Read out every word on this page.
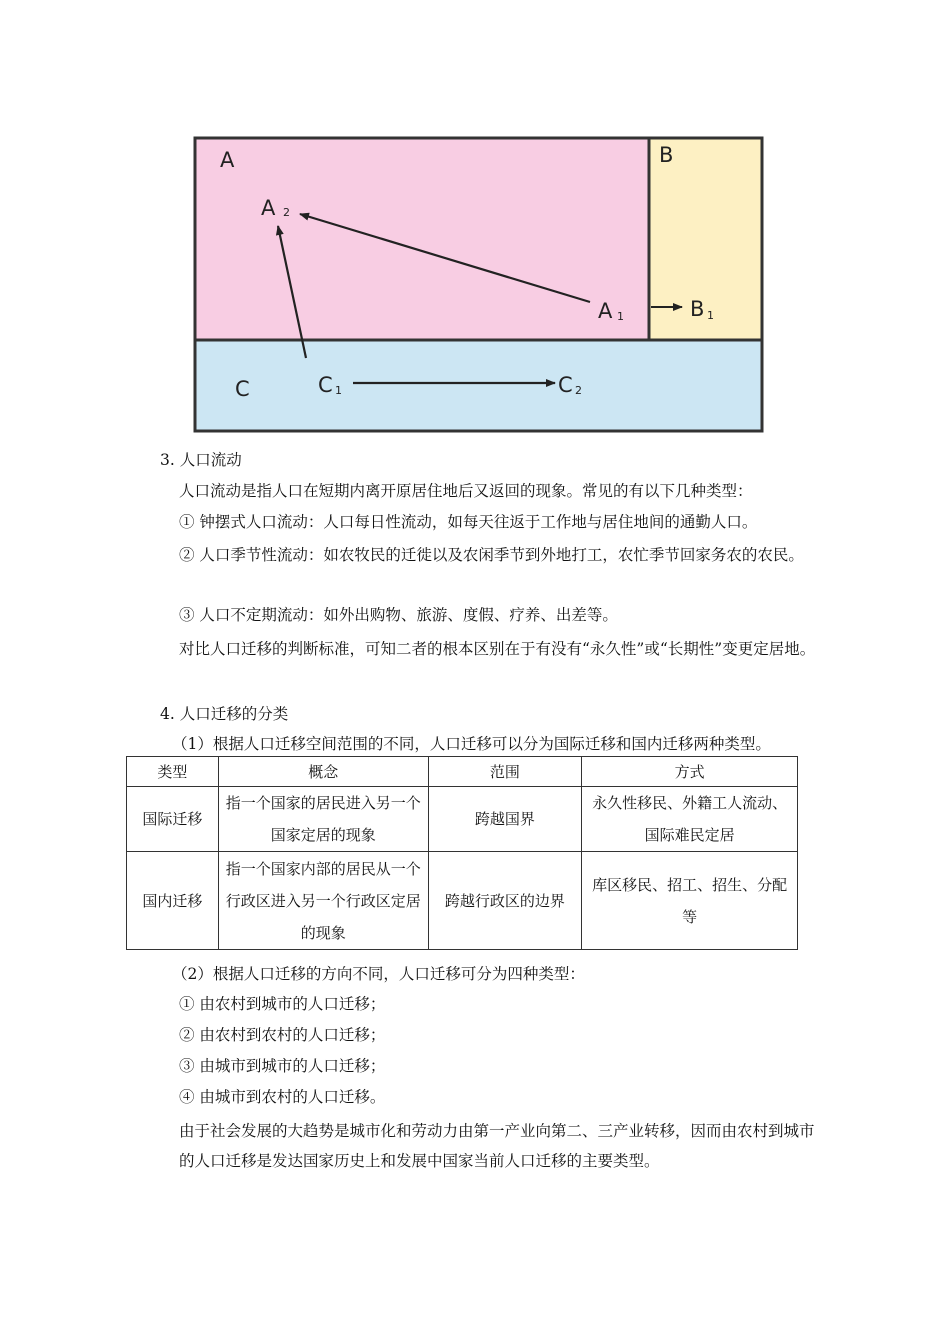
A	B
C
A 2
A 1	B 1
C 1	C 2
3. 人口流动
人口流动是指人口在短期内离开原居住地后又返回的现象。常见的有以下几种类型：
① 钟摆式人口流动：人口每日性流动，如每天往返于工作地与居住地间的通勤人口。
② 人口季节性流动：如农牧民的迁徙以及农闲季节到外地打工，农忙季节回家务农的农民。
③ 人口不定期流动：如外出购物、旅游、度假、疗养、出差等。
对比人口迁移的判断标准，可知二者的根本区别在于有没有“永久性”或“长期性”变更定居地。
4. 人口迁移的分类
（1）根据人口迁移空间范围的不同，人口迁移可以分为国际迁移和国内迁移两种类型。
类型	概念	范围	方式
国际迁移	指一个国家的居民进入另一个国家定居的现象	跨越国界	永久性移民、外籍工人流动、国际难民定居
国内迁移	指一个国家内部的居民从一个行政区进入另一个行政区定居的现象	跨越行政区的边界	库区移民、招工、招生、分配等
（2）根据人口迁移的方向不同，人口迁移可分为四种类型：
① 由农村到城市的人口迁移；
② 由农村到农村的人口迁移；
③ 由城市到城市的人口迁移；
④ 由城市到农村的人口迁移。
由于社会发展的大趋势是城市化和劳动力由第一产业向第二、三产业转移，因而由农村到城市的人口迁移是发达国家历史上和发展中国家当前人口迁移的主要类型。
